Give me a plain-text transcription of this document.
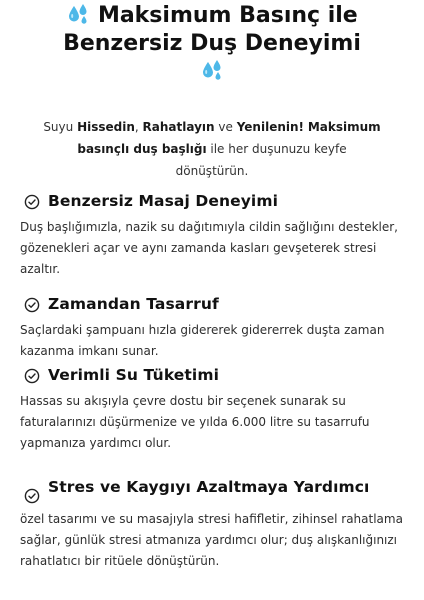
Maksimum Basınç ile
Benzersiz Duş Deneyimi

Suyu Hissedin, Rahatlayın ve Yenilenin! Maksimum basınçlı duş başlığı ile her duşunuzu keyfe dönüştürün.

Benzersiz Masaj Deneyimi
Duş başlığımızla, nazik su dağıtımıyla cildin sağlığını destekler, gözenekleri açar ve aynı zamanda kasları gevşeterek stresi azaltır.
Zamandan Tasarruf
Saçlardaki şampuanı hızla gidererek gidererrek duşta zaman kazanma imkanı sunar.
Verimli Su Tüketimi
Hassas su akışıyla çevre dostu bir seçenek sunarak su faturalarınızı düşürmenize ve yılda 6.000 litre su tasarrufu yapmanıza yardımcı olur.
Stres ve Kaygıyı Azaltmaya Yardımcı
özel tasarımı ve su masajıyla stresi hafifletir, zihinsel rahatlama sağlar, günlük stresi atmanıza yardımcı olur; duş alışkanlığınızı rahatlatıcı bir ritüele dönüştürün.
